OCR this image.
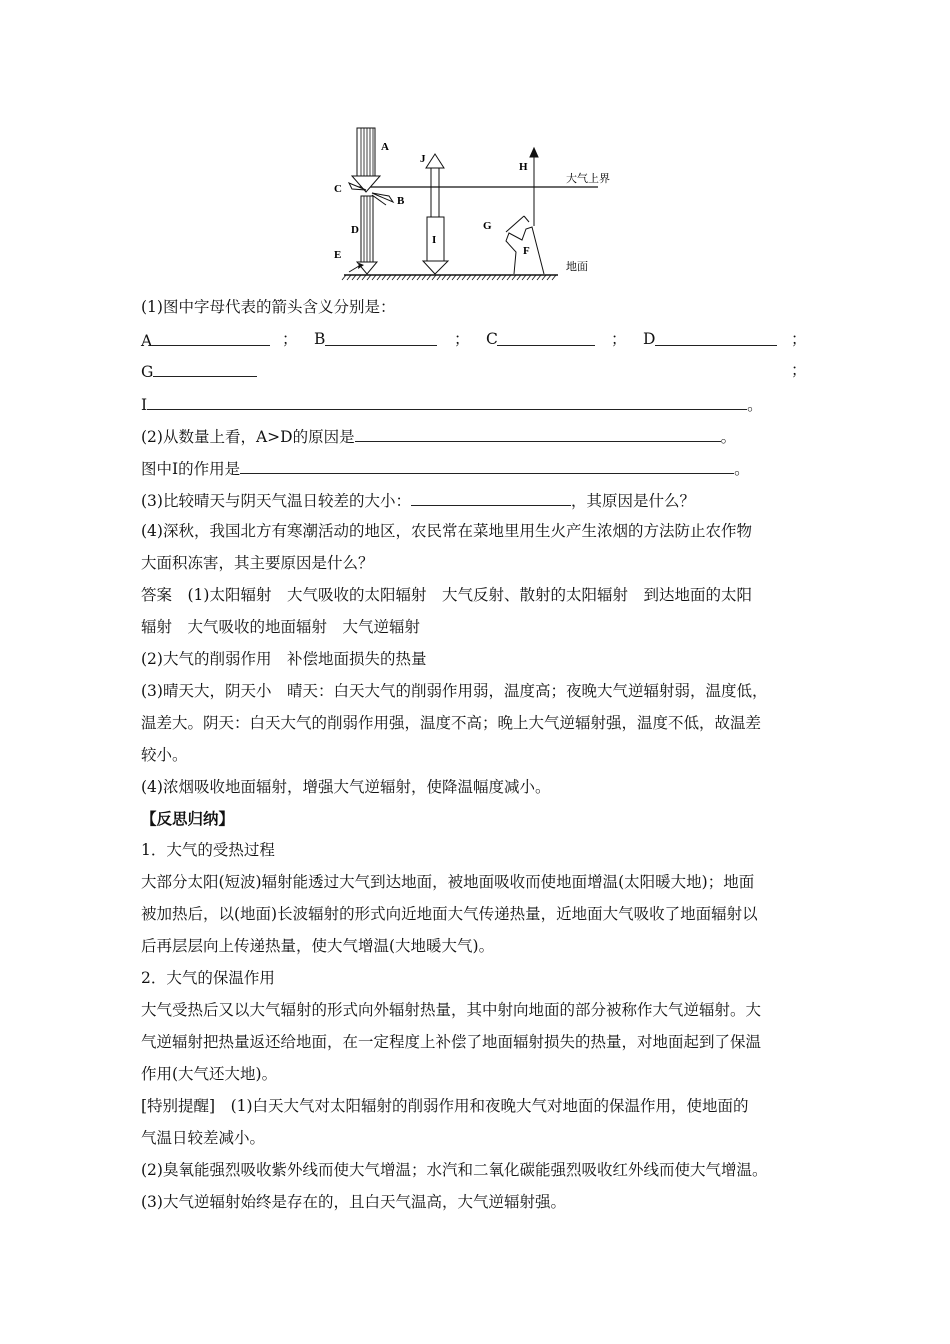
A
C
B
D
E
J
I
H
G
F
大气上界
地面
(1)图中字母代表的箭头含义分别是：
A	； B	； C	； D	；
G	；
I	。
(2)从数量上看，A>D的原因是	。
图中I的作用是	。
(3)比较晴天与阴天气温日较差的大小：	，其原因是什么？
(4)深秋，我国北方有寒潮活动的地区，农民常在菜地里用生火产生浓烟的方法防止农作物
大面积冻害，其主要原因是什么？
答案　(1)太阳辐射　大气吸收的太阳辐射　大气反射、散射的太阳辐射　到达地面的太阳
辐射　大气吸收的地面辐射　大气逆辐射
(2)大气的削弱作用　补偿地面损失的热量
(3)晴天大，阴天小　晴天：白天大气的削弱作用弱，温度高；夜晚大气逆辐射弱，温度低，
温差大。阴天：白天大气的削弱作用强，温度不高；晚上大气逆辐射强，温度不低，故温差
较小。
(4)浓烟吸收地面辐射，增强大气逆辐射，使降温幅度减小。
【反思归纳】
1．大气的受热过程
大部分太阳(短波)辐射能透过大气到达地面，被地面吸收而使地面增温(太阳暖大地)；地面
被加热后，以(地面)长波辐射的形式向近地面大气传递热量，近地面大气吸收了地面辐射以
后再层层向上传递热量，使大气增温(大地暖大气)。
2．大气的保温作用
大气受热后又以大气辐射的形式向外辐射热量，其中射向地面的部分被称作大气逆辐射。大
气逆辐射把热量返还给地面，在一定程度上补偿了地面辐射损失的热量，对地面起到了保温
作用(大气还大地)。
[特别提醒]　(1)白天大气对太阳辐射的削弱作用和夜晚大气对地面的保温作用，使地面的
气温日较差减小。
(2)臭氧能强烈吸收紫外线而使大气增温；水汽和二氧化碳能强烈吸收红外线而使大气增温。
(3)大气逆辐射始终是存在的，且白天气温高，大气逆辐射强。
